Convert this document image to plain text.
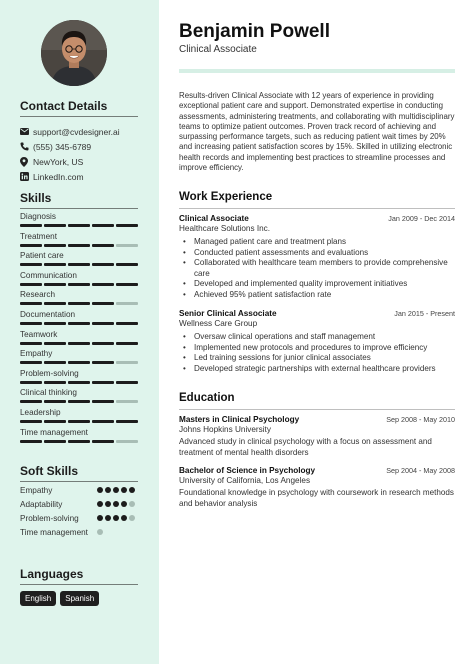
Contact Details
support@cvdesigner.ai
(555) 345-6789
NewYork, US
LinkedIn.com
Skills
Diagnosis
Treatment
Patient care
Communication
Research
Documentation
Teamwork
Empathy
Problem-solving
Clinical thinking
Leadership
Time management
Soft Skills
Empathy
Adaptability
Problem-solving
Time management
Languages
English	Spanish
Benjamin Powell
Clinical Associate

Results-driven Clinical Associate with 12 years of experience in providing exceptional patient care and support. Demonstrated expertise in conducting assessments, administering treatments, and collaborating with multidisciplinary teams to optimize patient outcomes. Proven track record of achieving and surpassing performance targets, such as reducing patient wait times by 20% and increasing patient satisfaction scores by 15%. Skilled in utilizing electronic health records and implementing best practices to streamline processes and improve efficiency.

Work Experience
Clinical Associate	Jan 2009 - Dec 2014
Healthcare Solutions Inc.
• Managed patient care and treatment plans
• Conducted patient assessments and evaluations
• Collaborated with healthcare team members to provide comprehensive care
• Developed and implemented quality improvement initiatives
• Achieved 95% patient satisfaction rate
Senior Clinical Associate	Jan 2015 - Present
Wellness Care Group
• Oversaw clinical operations and staff management
• Implemented new protocols and procedures to improve efficiency
• Led training sessions for junior clinical associates
• Developed strategic partnerships with external healthcare providers
Education
Masters in Clinical Psychology	Sep 2008 - May 2010
Johns Hopkins University
Advanced study in clinical psychology with a focus on assessment and treatment of mental health disorders
Bachelor of Science in Psychology	Sep 2004 - May 2008
University of California, Los Angeles
Foundational knowledge in psychology with coursework in research methods and behavior analysis
